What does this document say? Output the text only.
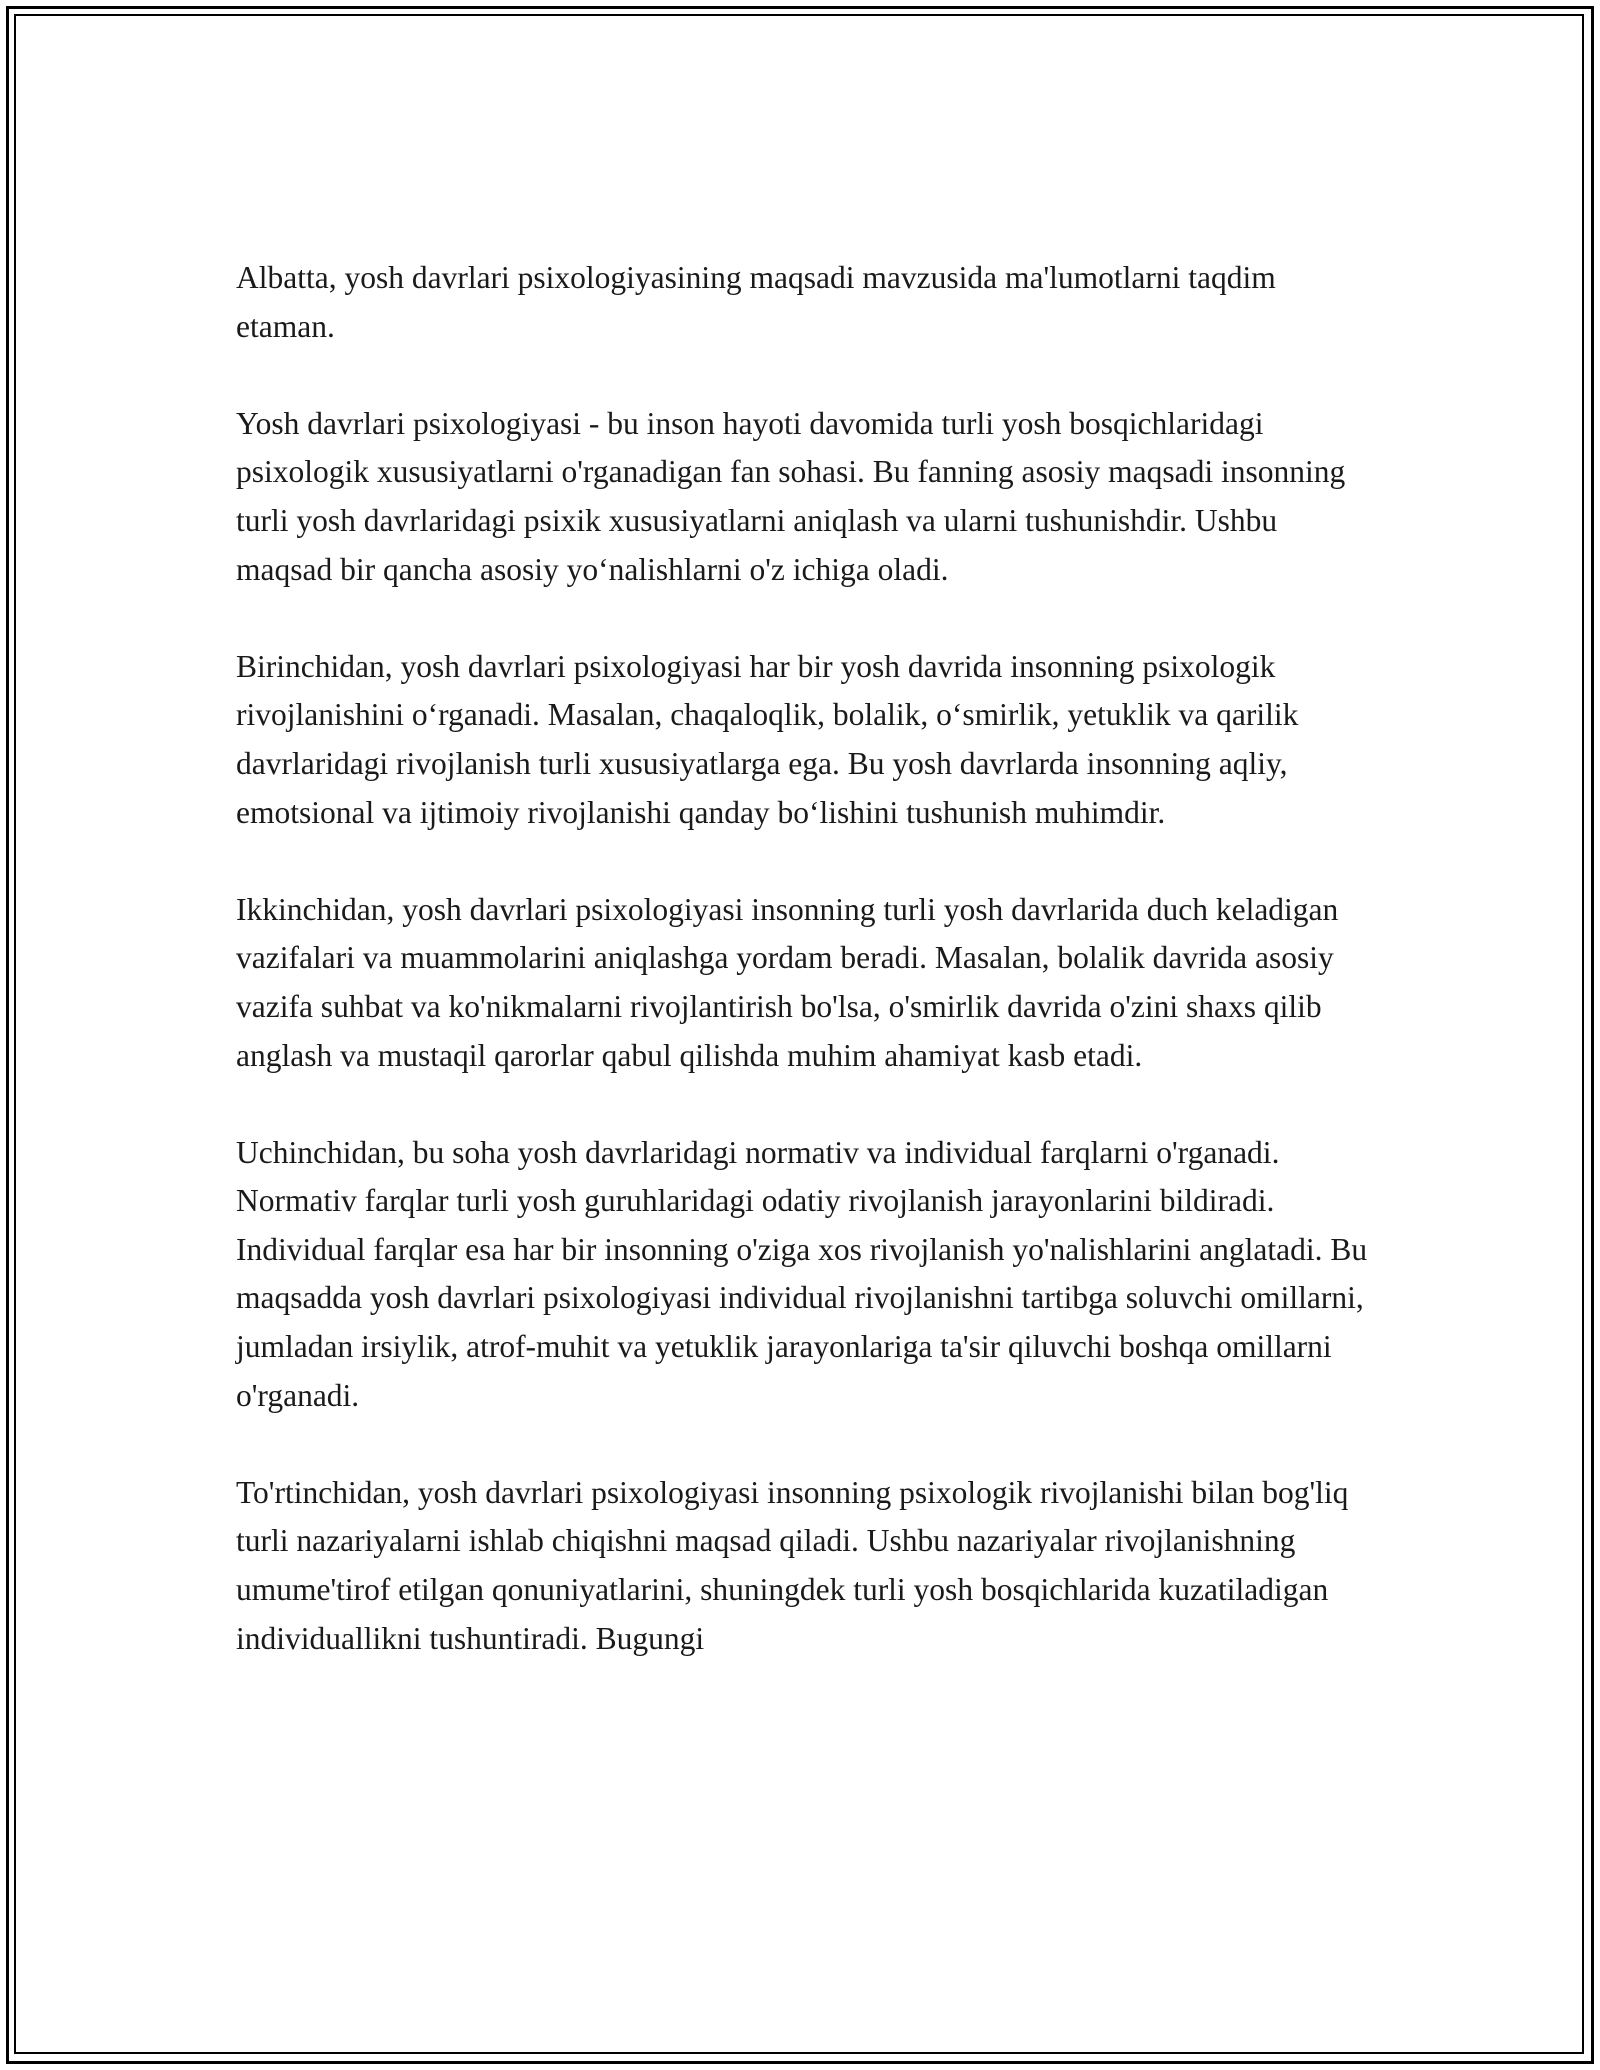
Albatta, yosh davrlari psixologiyasining maqsadi mavzusida ma'lumotlarni taqdim etaman.

Yosh davrlari psixologiyasi - bu inson hayoti davomida turli yosh bosqichlaridagi psixologik xususiyatlarni o'rganadigan fan sohasi. Bu fanning asosiy maqsadi insonning turli yosh davrlaridagi psixik xususiyatlarni aniqlash va ularni tushunishdir. Ushbu maqsad bir qancha asosiy yo‘nalishlarni o'z ichiga oladi.

Birinchidan, yosh davrlari psixologiyasi har bir yosh davrida insonning psixologik rivojlanishini o‘rganadi. Masalan, chaqaloqlik, bolalik, o‘smirlik, yetuklik va qarilik davrlaridagi rivojlanish turli xususiyatlarga ega. Bu yosh davrlarda insonning aqliy, emotsional va ijtimoiy rivojlanishi qanday bo‘lishini tushunish muhimdir.

Ikkinchidan, yosh davrlari psixologiyasi insonning turli yosh davrlarida duch keladigan vazifalari va muammolarini aniqlashga yordam beradi. Masalan, bolalik davrida asosiy vazifa suhbat va ko'nikmalarni rivojlantirish bo'lsa, o'smirlik davrida o'zini shaxs qilib anglash va mustaqil qarorlar qabul qilishda muhim ahamiyat kasb etadi.

Uchinchidan, bu soha yosh davrlaridagi normativ va individual farqlarni o'rganadi. Normativ farqlar turli yosh guruhlaridagi odatiy rivojlanish jarayonlarini bildiradi. Individual farqlar esa har bir insonning o'ziga xos rivojlanish yo'nalishlarini anglatadi. Bu maqsadda yosh davrlari psixologiyasi individual rivojlanishni tartibga soluvchi omillarni, jumladan irsiylik, atrof-muhit va yetuklik jarayonlariga ta'sir qiluvchi boshqa omillarni o'rganadi.

To'rtinchidan, yosh davrlari psixologiyasi insonning psixologik rivojlanishi bilan bog'liq turli nazariyalarni ishlab chiqishni maqsad qiladi. Ushbu nazariyalar rivojlanishning umume'tirof etilgan qonuniyatlarini, shuningdek turli yosh bosqichlarida kuzatiladigan individuallikni tushuntiradi. Bugungi
